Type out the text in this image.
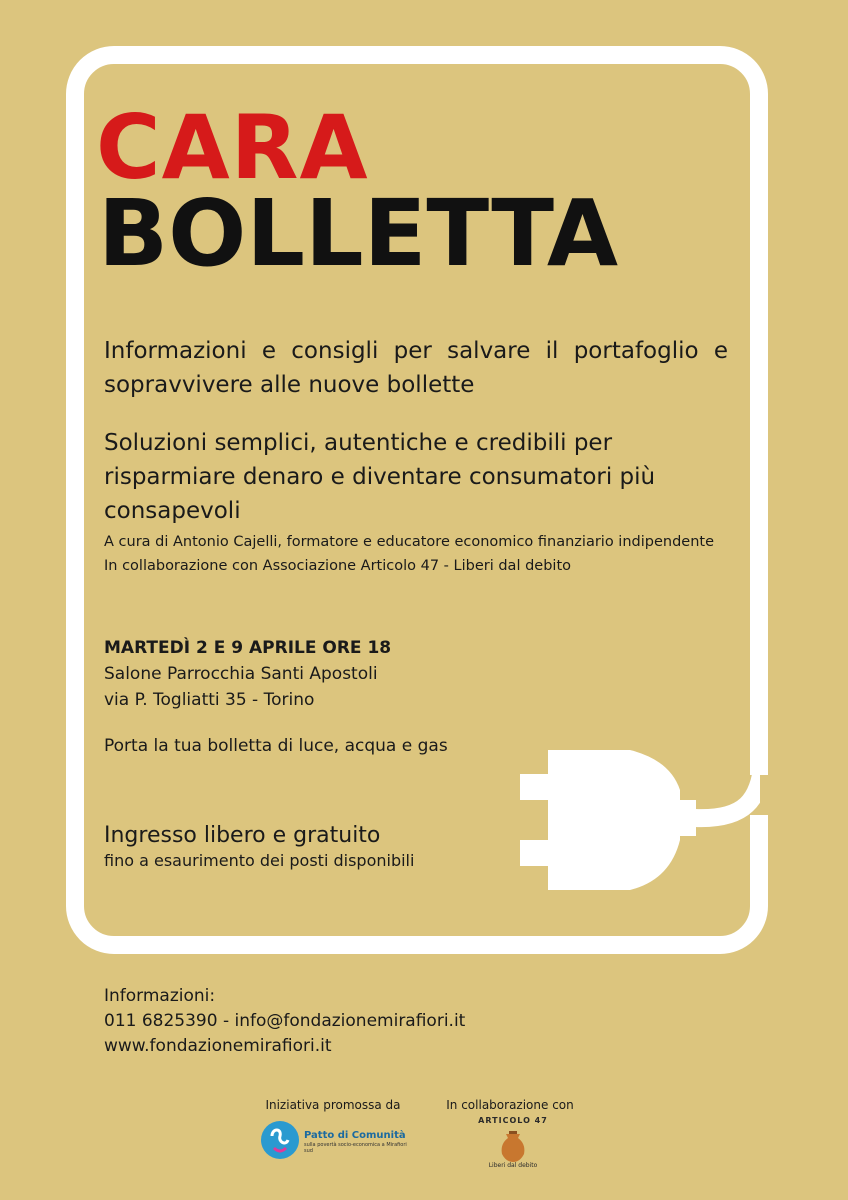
CARA
BOLLETTA

Informazioni e consigli per salvare il portafoglio e sopravvivere alle nuove bollette

Soluzioni semplici, autentiche e credibili per risparmiare denaro e diventare consumatori più consapevoli

A cura di Antonio Cajelli, formatore e educatore economico finanziario indipendente
In collaborazione con Associazione Articolo 47 - Liberi dal debito
MARTEDÌ 2 E 9 APRILE ORE 18
Salone Parrocchia Santi Apostoli
via P. Togliatti 35 - Torino
Porta la tua bolletta di luce, acqua e gas
Ingresso libero e gratuito
fino a esaurimento dei posti disponibili
Informazioni:
011 6825390 - info@fondazionemirafiori.it
www.fondazionemirafiori.it
Iniziativa promossa da	In collaborazione con
Patto di Comunità
sulla povertà socio-economica a Mirafiori sud
ARTICOLO 47
Liberi dal debito
